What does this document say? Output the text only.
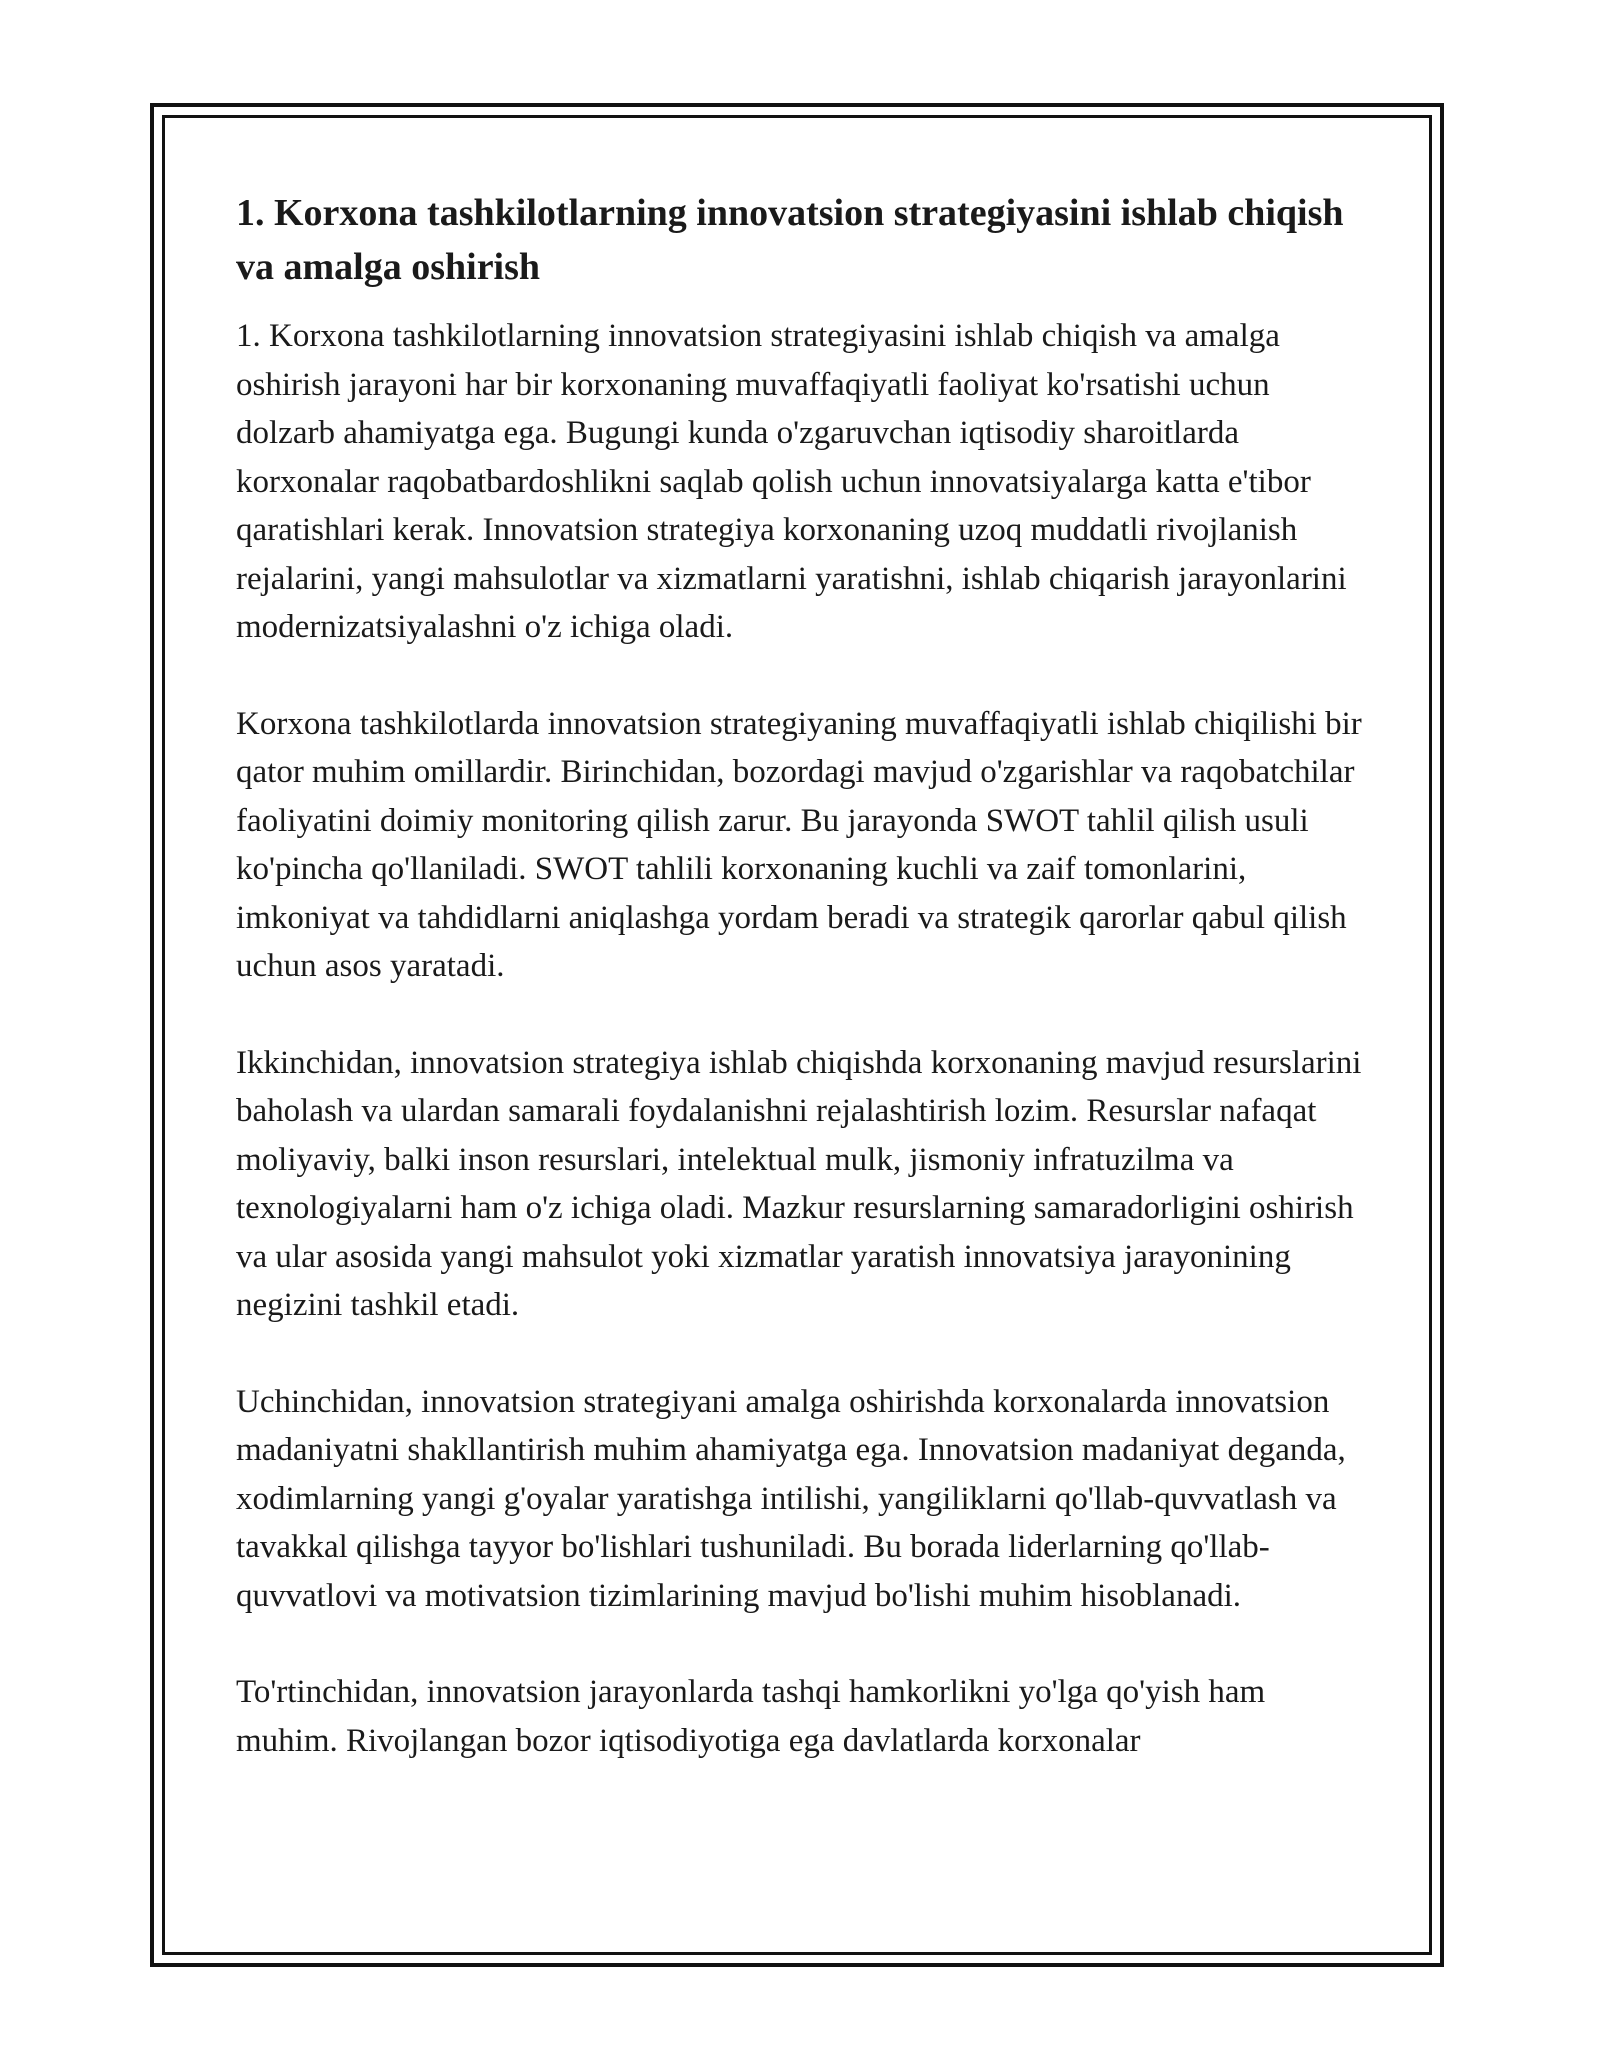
1. Korxona tashkilotlarning innovatsion strategiyasini ishlab chiqish va amalga oshirish

1. Korxona tashkilotlarning innovatsion strategiyasini ishlab chiqish va amalga oshirish jarayoni har bir korxonaning muvaffaqiyatli faoliyat ko'rsatishi uchun dolzarb ahamiyatga ega. Bugungi kunda o'zgaruvchan iqtisodiy sharoitlarda korxonalar raqobatbardoshlikni saqlab qolish uchun innovatsiyalarga katta e'tibor qaratishlari kerak. Innovatsion strategiya korxonaning uzoq muddatli rivojlanish rejalarini, yangi mahsulotlar va xizmatlarni yaratishni, ishlab chiqarish jarayonlarini modernizatsiyalashni o'z ichiga oladi.

Korxona tashkilotlarda innovatsion strategiyaning muvaffaqiyatli ishlab chiqilishi bir qator muhim omillardir. Birinchidan, bozordagi mavjud o'zgarishlar va raqobatchilar faoliyatini doimiy monitoring qilish zarur. Bu jarayonda SWOT tahlil qilish usuli ko'pincha qo'llaniladi. SWOT tahlili korxonaning kuchli va zaif tomonlarini, imkoniyat va tahdidlarni aniqlashga yordam beradi va strategik qarorlar qabul qilish uchun asos yaratadi.

Ikkinchidan, innovatsion strategiya ishlab chiqishda korxonaning mavjud resurslarini baholash va ulardan samarali foydalanishni rejalashtirish lozim. Resurslar nafaqat moliyaviy, balki inson resurslari, intelektual mulk, jismoniy infratuzilma va texnologiyalarni ham o'z ichiga oladi. Mazkur resurslarning samaradorligini oshirish va ular asosida yangi mahsulot yoki xizmatlar yaratish innovatsiya jarayonining negizini tashkil etadi.

Uchinchidan, innovatsion strategiyani amalga oshirishda korxonalarda innovatsion madaniyatni shakllantirish muhim ahamiyatga ega. Innovatsion madaniyat deganda, xodimlarning yangi g'oyalar yaratishga intilishi, yangiliklarni qo'llab-quvvatlash va tavakkal qilishga tayyor bo'lishlari tushuniladi. Bu borada liderlarning qo'llab-quvvatlovi va motivatsion tizimlarining mavjud bo'lishi muhim hisoblanadi.

To'rtinchidan, innovatsion jarayonlarda tashqi hamkorlikni yo'lga qo'yish ham muhim. Rivojlangan bozor iqtisodiyotiga ega davlatlarda korxonalar
